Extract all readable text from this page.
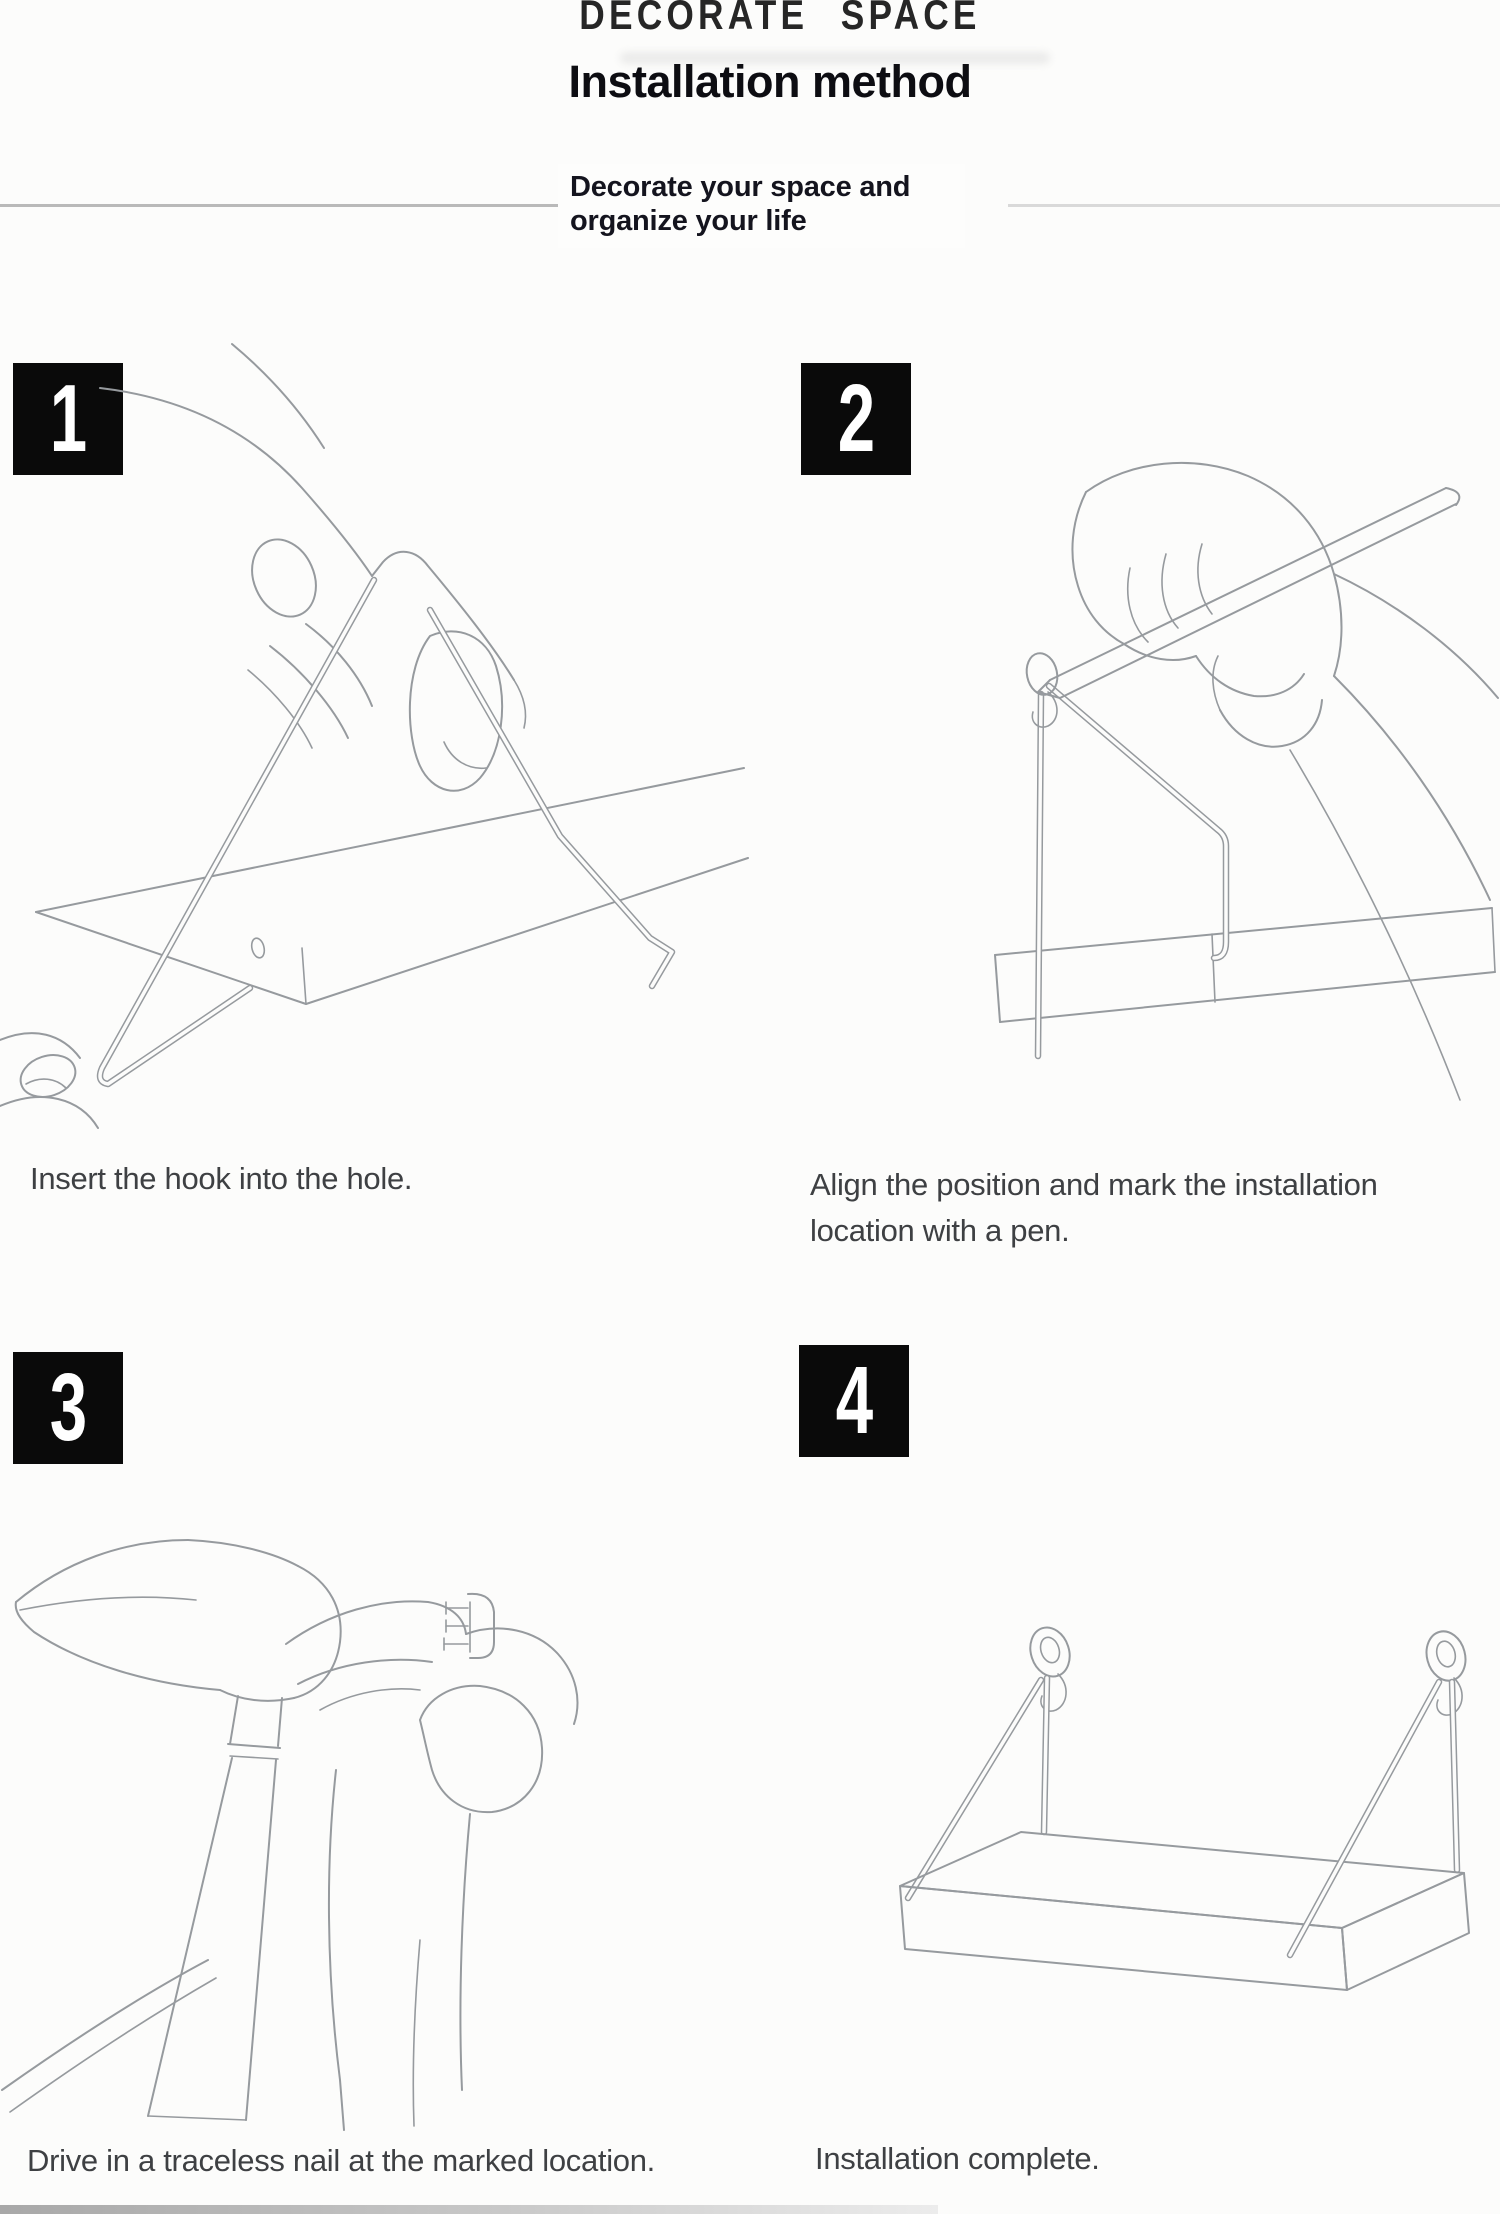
DECORATE SPACE
Installation method
Decorate your space and
organize your life
1	2
3	4
Insert the hook into the hole.	Align the position and mark the installation
location with a pen.
Drive in a traceless nail at the marked location.	Installation complete.
